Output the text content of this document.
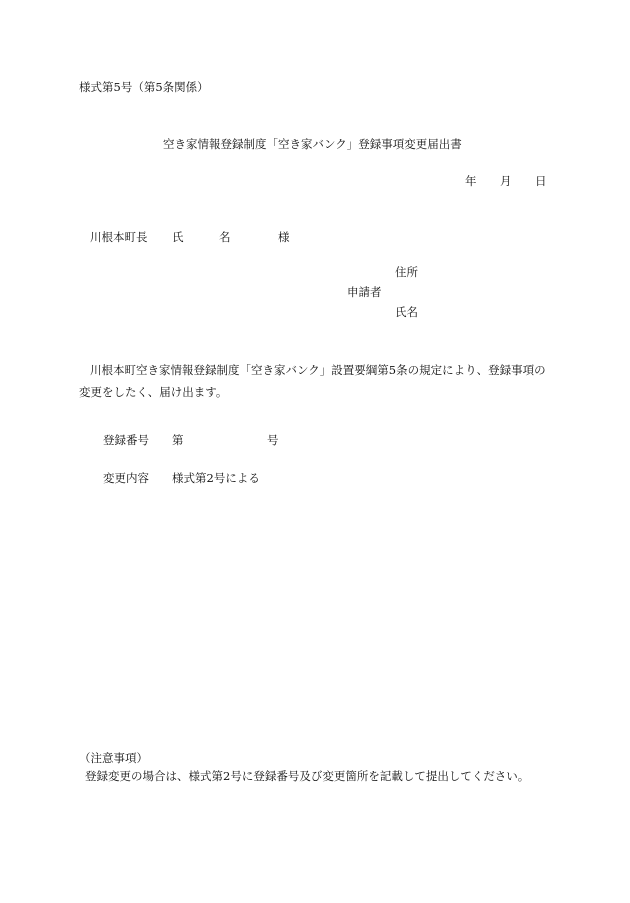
様式第5号（第5条関係）
空き家情報登録制度「空き家バンク」登録事項変更届出書
年 月 日
川根本町長 氏	名	様
住所
申請者
氏名
川根本町空き家情報登録制度「空き家バンク」設置要綱第5条の規定により、登録事項の変更をしたく、届け出ます。
登録番号 第	号
変更内容 様式第2号による
（注意事項）
登録変更の場合は、様式第2号に登録番号及び変更箇所を記載して提出してください。
